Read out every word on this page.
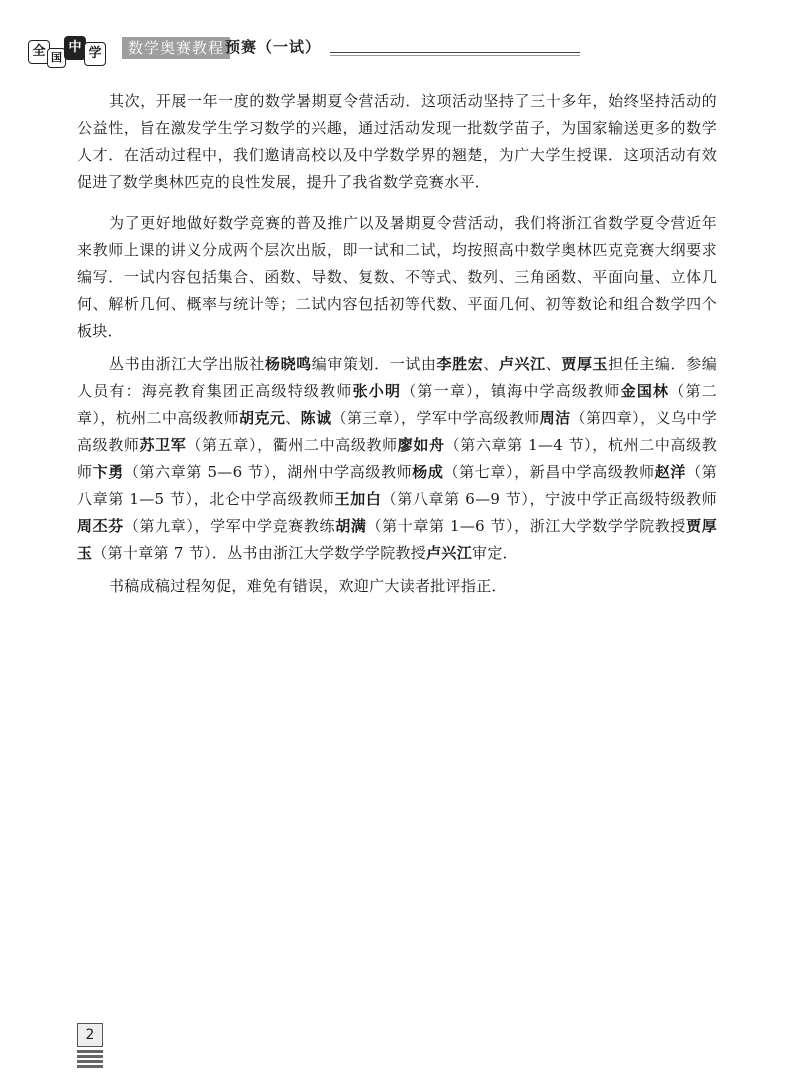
全 国
中 学	数学奥赛教程 预赛（一试）

其次，开展一年一度的数学暑期夏令营活动．这项活动坚持了三十多年，始终坚持活动的公益性，旨在激发学生学习数学的兴趣，通过活动发现一批数学苗子，为国家输送更多的数学人才．在活动过程中，我们邀请高校以及中学数学界的翘楚，为广大学生授课．这项活动有效促进了数学奥林匹克的良性发展，提升了我省数学竞赛水平．

为了更好地做好数学竞赛的普及推广以及暑期夏令营活动，我们将浙江省数学夏令营近年来教师上课的讲义分成两个层次出版，即一试和二试，均按照高中数学奥林匹克竞赛大纲要求编写．一试内容包括集合、函数、导数、复数、不等式、数列、三角函数、平面向量、立体几何、解析几何、概率与统计等；二试内容包括初等代数、平面几何、初等数论和组合数学四个板块．

丛书由浙江大学出版社杨晓鸣编审策划．一试由李胜宏、卢兴江、贾厚玉担任主编．参编人员有：海亮教育集团正高级特级教师张小明（第一章），镇海中学高级教师金国林（第二章），杭州二中高级教师胡克元、陈诚（第三章），学军中学高级教师周洁（第四章），义乌中学高级教师苏卫军（第五章），衢州二中高级教师廖如舟（第六章第 1—4 节），杭州二中高级教师卞勇（第六章第 5—6 节），湖州中学高级教师杨成（第七章），新昌中学高级教师赵洋（第八章第 1—5 节），北仑中学高级教师王加白（第八章第 6—9 节），宁波中学正高级特级教师周丕芬（第九章），学军中学竞赛教练胡满（第十章第 1—6 节），浙江大学数学学院教授贾厚玉（第十章第 7 节）．丛书由浙江大学数学学院教授卢兴江审定．

书稿成稿过程匆促，难免有错误，欢迎广大读者批评指正．

2
